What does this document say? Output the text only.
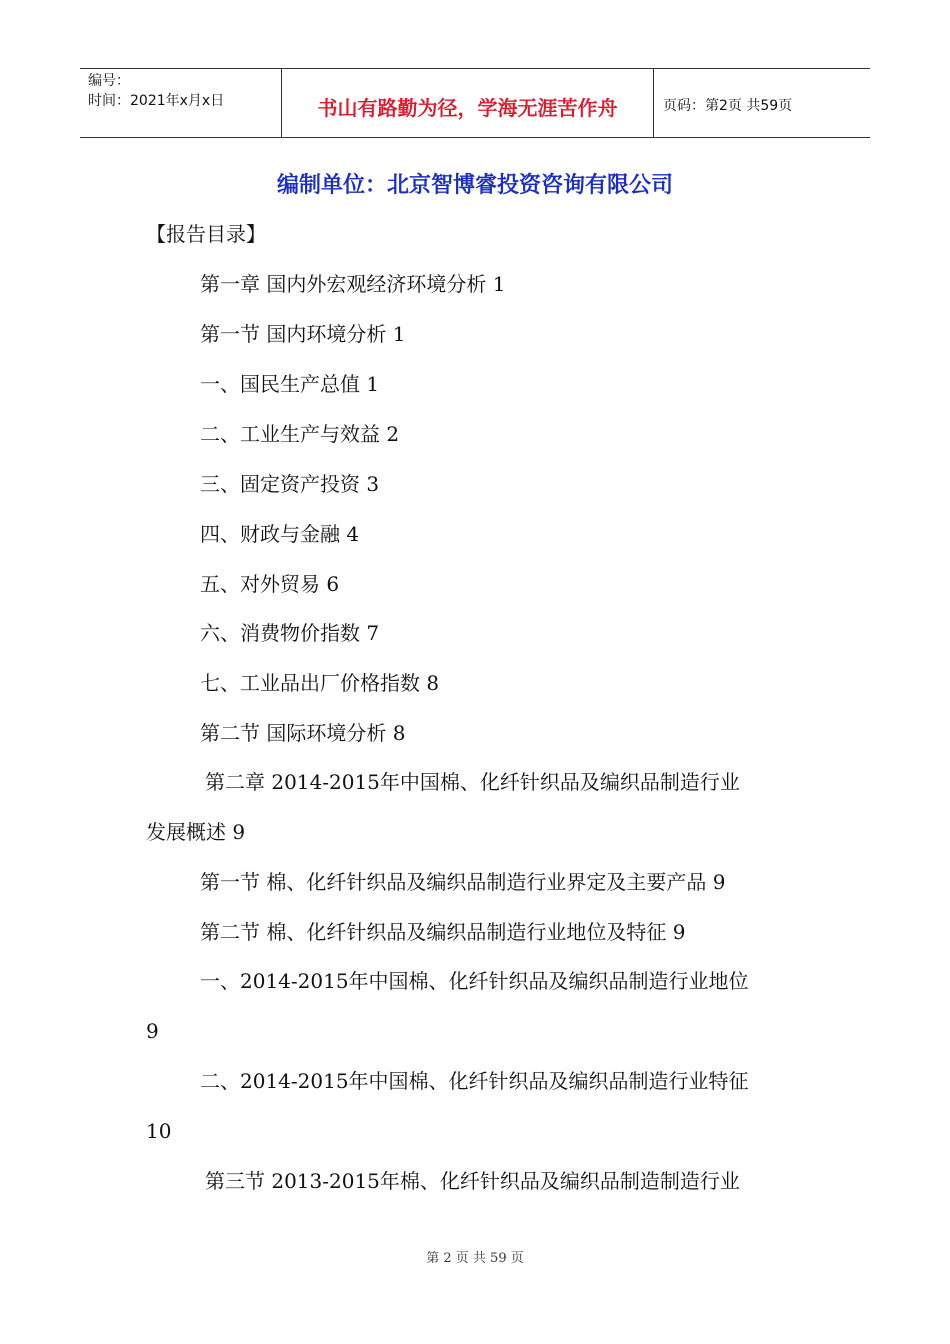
编号：
时间：2021年x月x日	书山有路勤为径，学海无涯苦作舟	页码：第2页 共59页
编制单位：北京智博睿投资咨询有限公司
【报告目录】
第一章 国内外宏观经济环境分析 1
第一节 国内环境分析 1
一、国民生产总值 1
二、工业生产与效益 2
三、固定资产投资 3
四、财政与金融 4
五、对外贸易 6
六、消费物价指数 7
七、工业品出厂价格指数 8
第二节 国际环境分析 8
第二章 2014-2015年中国棉、化纤针织品及编织品制造行业
发展概述 9
第一节 棉、化纤针织品及编织品制造行业界定及主要产品 9
第二节 棉、化纤针织品及编织品制造行业地位及特征 9
一、2014-2015年中国棉、化纤针织品及编织品制造行业地位
9
二、2014-2015年中国棉、化纤针织品及编织品制造行业特征
10
第三节 2013-2015年棉、化纤针织品及编织品制造制造行业
第 2 页 共 59 页
